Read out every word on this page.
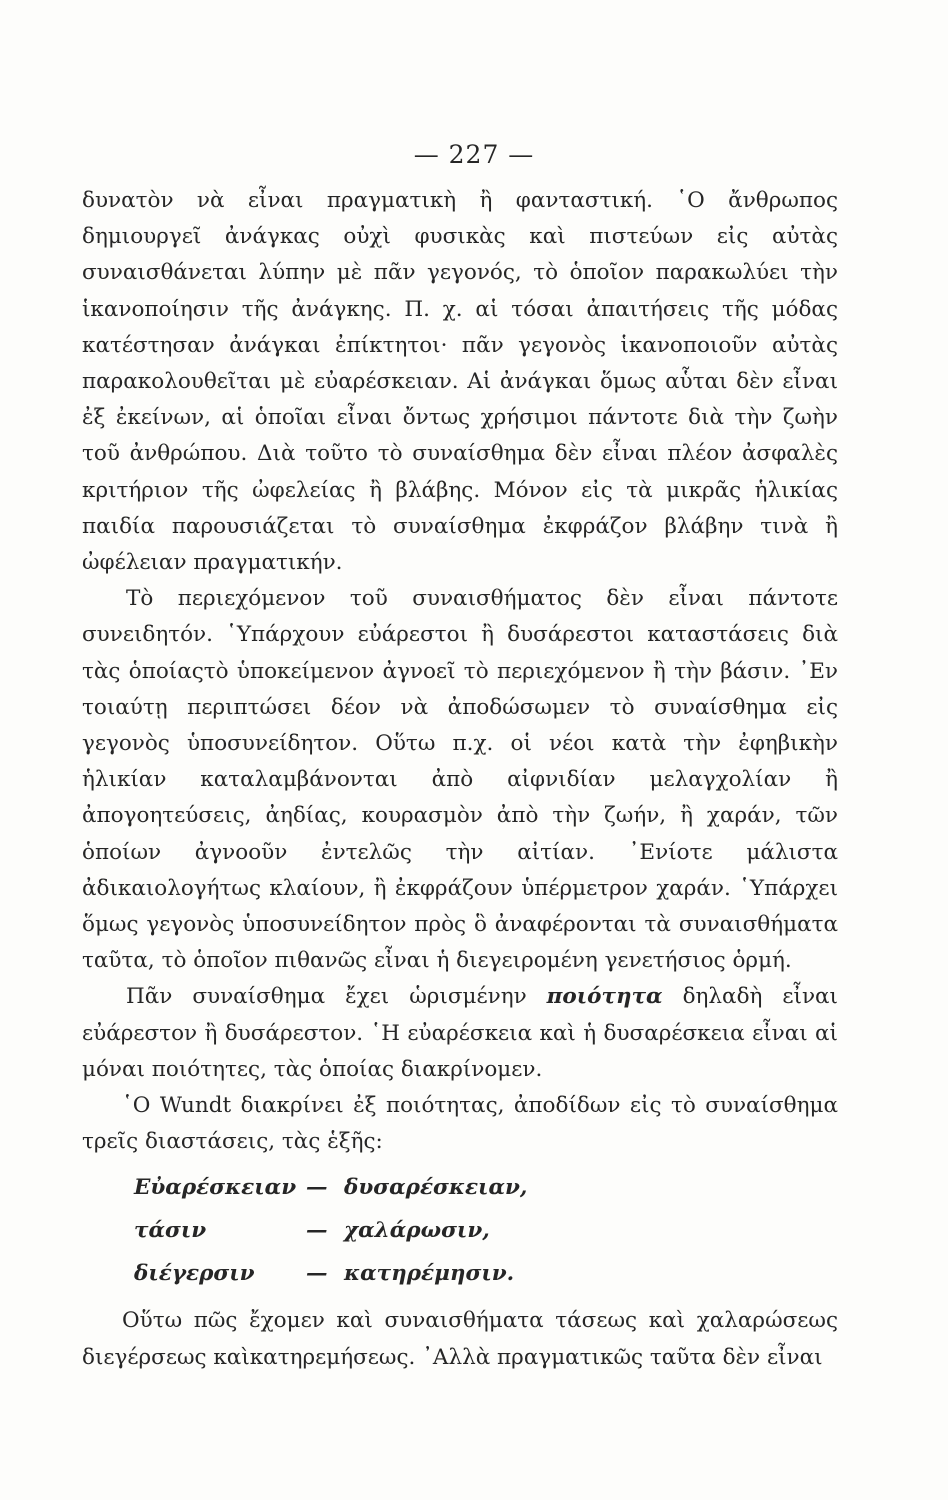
— 227 —

δυνατὸν νὰ εἶναι πραγματικὴ ἢ φανταστική. ῾Ο ἄνθρωπος δημιουργεῖ ἀνάγκας οὐχὶ φυσικὰς καὶ πιστεύων εἰς αὐτὰς συναισθάνεται λύπην μὲ πᾶν γεγονός, τὸ ὁποῖον παρακωλύει τὴν ἱκανοποίησιν τῆς ἀνάγκης. Π. χ. αἱ τόσαι ἀπαιτήσεις τῆς μόδας κατέστησαν ἀνάγκαι ἐπίκτητοι· πᾶν γεγονὸς ἱκανοποιοῦν αὐτὰς παρακολουθεῖται μὲ εὐαρέσκειαν. Αἱ ἀνάγκαι ὅμως αὗται δὲν εἶναι ἐξ ἐκείνων, αἱ ὁποῖαι εἶναι ὄντως χρήσιμοι πάντοτε διὰ τὴν ζωὴν τοῦ ἀνθρώπου. Διὰ τοῦτο τὸ συναίσθημα δὲν εἶναι πλέον ἀσφαλὲς κριτήριον τῆς ὠφελείας ἢ βλάβης. Μόνον εἰς τὰ μικρᾶς ἡλικίας παιδία παρουσιάζεται τὸ συναίσθημα ἐκφράζον βλάβην τινὰ ἢ ὠφέλειαν πραγματικήν.

Τὸ περιεχόμενον τοῦ συναισθήματος δὲν εἶναι πάντοτε συνειδητόν. ῾Υπάρχουν εὐάρεστοι ἢ δυσάρεστοι καταστάσεις διὰ τὰς ὁποίαςτὸ ὑποκείμενον ἀγνοεῖ τὸ περιεχόμενον ἢ τὴν βάσιν. ᾿Εν τοιαύτῃ περιπτώσει δέον νὰ ἀποδώσωμεν τὸ συναίσθημα εἰς γεγονὸς ὑποσυνείδητον. Οὕτω π.χ. οἱ νέοι κατὰ τὴν ἐφηβικὴν ἡλικίαν καταλαμβάνονται ἀπὸ αἰφνιδίαν μελαγχολίαν ἢ ἀπογοητεύσεις, ἀηδίας, κουρασμὸν ἀπὸ τὴν ζωήν, ἢ χαράν, τῶν ὁποίων ἀγνοοῦν ἐντελῶς τὴν αἰτίαν. ᾿Ενίοτε μάλιστα ἀδικαιολογήτως κλαίουν, ἢ ἐκφράζουν ὑπέρμετρον χαράν. ῾Υπάρχει ὅμως γεγονὸς ὑποσυνείδητον πρὸς ὃ ἀναφέρονται τὰ συναισθήματα ταῦτα, τὸ ὁποῖον πιθανῶς εἶναι ἡ διεγειρομένη γενετήσιος ὁρμή.

Πᾶν συναίσθημα ἔχει ὡρισμένην ποιότητα δηλαδὴ εἶναι εὐάρεστον ἢ δυσάρεστον. ῾Η εὐαρέσκεια καὶ ἡ δυσαρέσκεια εἶναι αἱ μόναι ποιότητες, τὰς ὁποίας διακρίνομεν.

῾Ο Wundt διακρίνει ἐξ ποιότητας, ἀποδίδων εἰς τὸ συναίσθημα τρεῖς διαστάσεις, τὰς ἑξῆς:

Εὐαρέσκειαν — δυσαρέσκειαν,
τάσιν	— χαλάρωσιν,
διέγερσιν	— κατηρέμησιν.

Οὕτω πῶς ἔχομεν καὶ συναισθήματα τάσεως καὶ χαλαρώσεως διεγέρσεως καὶκατηρεμήσεως. ᾿Αλλὰ πραγματικῶς ταῦτα δὲν εἶναι
